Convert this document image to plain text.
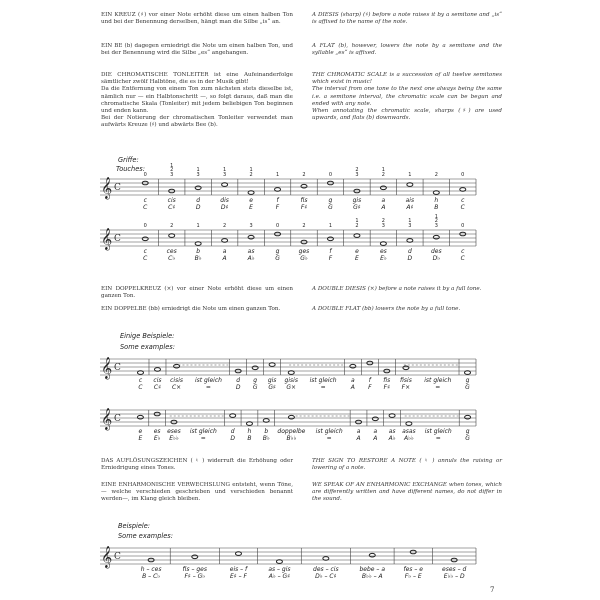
EIN KREUZ (♯) vor einer Note erhöht diese um einen halben Ton und bei der Benennung derselben, hängt man die Silbe „is“ an.

A DIESIS (sharp) (♯) before a note raises it by a semitone and „is“ is affixed to the name of the note.

EIN BE (b) dagegen erniedrigt die Note um einen halben Ton, und bei der Benennung wird die Silbe „es“ angehangen.

A FLAT (b), however, lowers the note by a semitone and the syllable „es“ is affixed.

DIE CHROMATISCHE TONLEITER ist eine Aufeinanderfolge sämtlicher zwölf Halbtöne, die es in der Musik gibt!
Da die Entfernung von einem Ton zum nächsten stets dieselbe ist, nämlich nur — ein Halbtonschritt —, so folgt daraus, daß man die chromatische Skala (Tonleiter) mit jedem beliebigen Ton beginnen und enden kann.
Bei der Notierung der chromatischen Tonleiter verwendet man aufwärts Kreuze (♯) und abwärts Bee (b).
THE CHROMATIC SCALE is a succession of all twelve semitones which exist in music!
The interval from one tone to the next one always being the same i.e. a semitone interval, the chromatic scale can be begun and ended with any note.
When annotating the chromatic scale, sharps (♯) are used upwards, and flats (b) downwards.
Griffe:
Touches:
𝄞 C
0
c
C
1
2
3
cis
C♯
1
3
d
D
1
3
dis
D♯
1
2
e
E
1
f
F
2
fis
F♯
0
g
G
2
3
gis
G♯
1
2
a
A
1
ais
A♯
2
h
B
0
c
C
𝄞 C
0
c
C
2
ces
C♭
1
b
B♭
2
a
A
3
as
A♭
0
g
G
2
ges
G♭
1
f
F
1
2
e
E
2
3
es
E♭
1
3
d
D
1
2
3
des
D♭
0
c
C

EIN DOPPELKREUZ (×) vor einer Note erhöht diese um einen ganzen Ton.

A DOUBLE DIESIS (×) before a note raises it by a full tone.

EIN DOPPELBE (bb) erniedrigt die Note um einen ganzen Ton.	A DOUBLE FLAT (bb) lowers the note by a full tone.

Einige Beispiele:
Some examples:
𝄞 C
c
C
cis
C♯
cisis
C×
ist gleich
=
d
D
g
G
gis
G♯
gisis
G×
ist gleich
=
a
A
f
F
fis
F♯
fisis
F×
ist gleich
=
g
G
𝄞 C
e
E
es
E♭
eses
E♭♭
ist gleich
=
d
D
h
B
b
B♭
doppelbe
B♭♭
ist gleich
=
a
A
a
A
as
A♭
asas
A♭♭
ist gleich
=
g
G

DAS AUFLÖSUNGSZEICHEN ( ♮ ) widerruft die Erhöhung oder Erniedrigung eines Tones.

THE SIGN TO RESTORE A NOTE ( ♮ ) annuls the raising or lowering of a note.

EINE ENHARMONISCHE VERWECHSLUNG entsteht, wenn Töne, — welche verschieden geschrieben und verschieden benannt werden—, im Klang gleich bleiben.

WE SPEAK OF AN ENHARMONIC EXCHANGE when tones, which are differently written and have different names, do not differ in the sound.

Beispiele:
Some examples:
𝄞 C
h – ces
B – C♭
fis – ges
F♯ – G♭
eis – f
E♯ – F
as – gis
A♭ – G♯
des – cis
D♭ – C♯
bebe – a
B♭♭ – A
fes – e
F♭ – E
eses – d
E♭♭ – D
7
